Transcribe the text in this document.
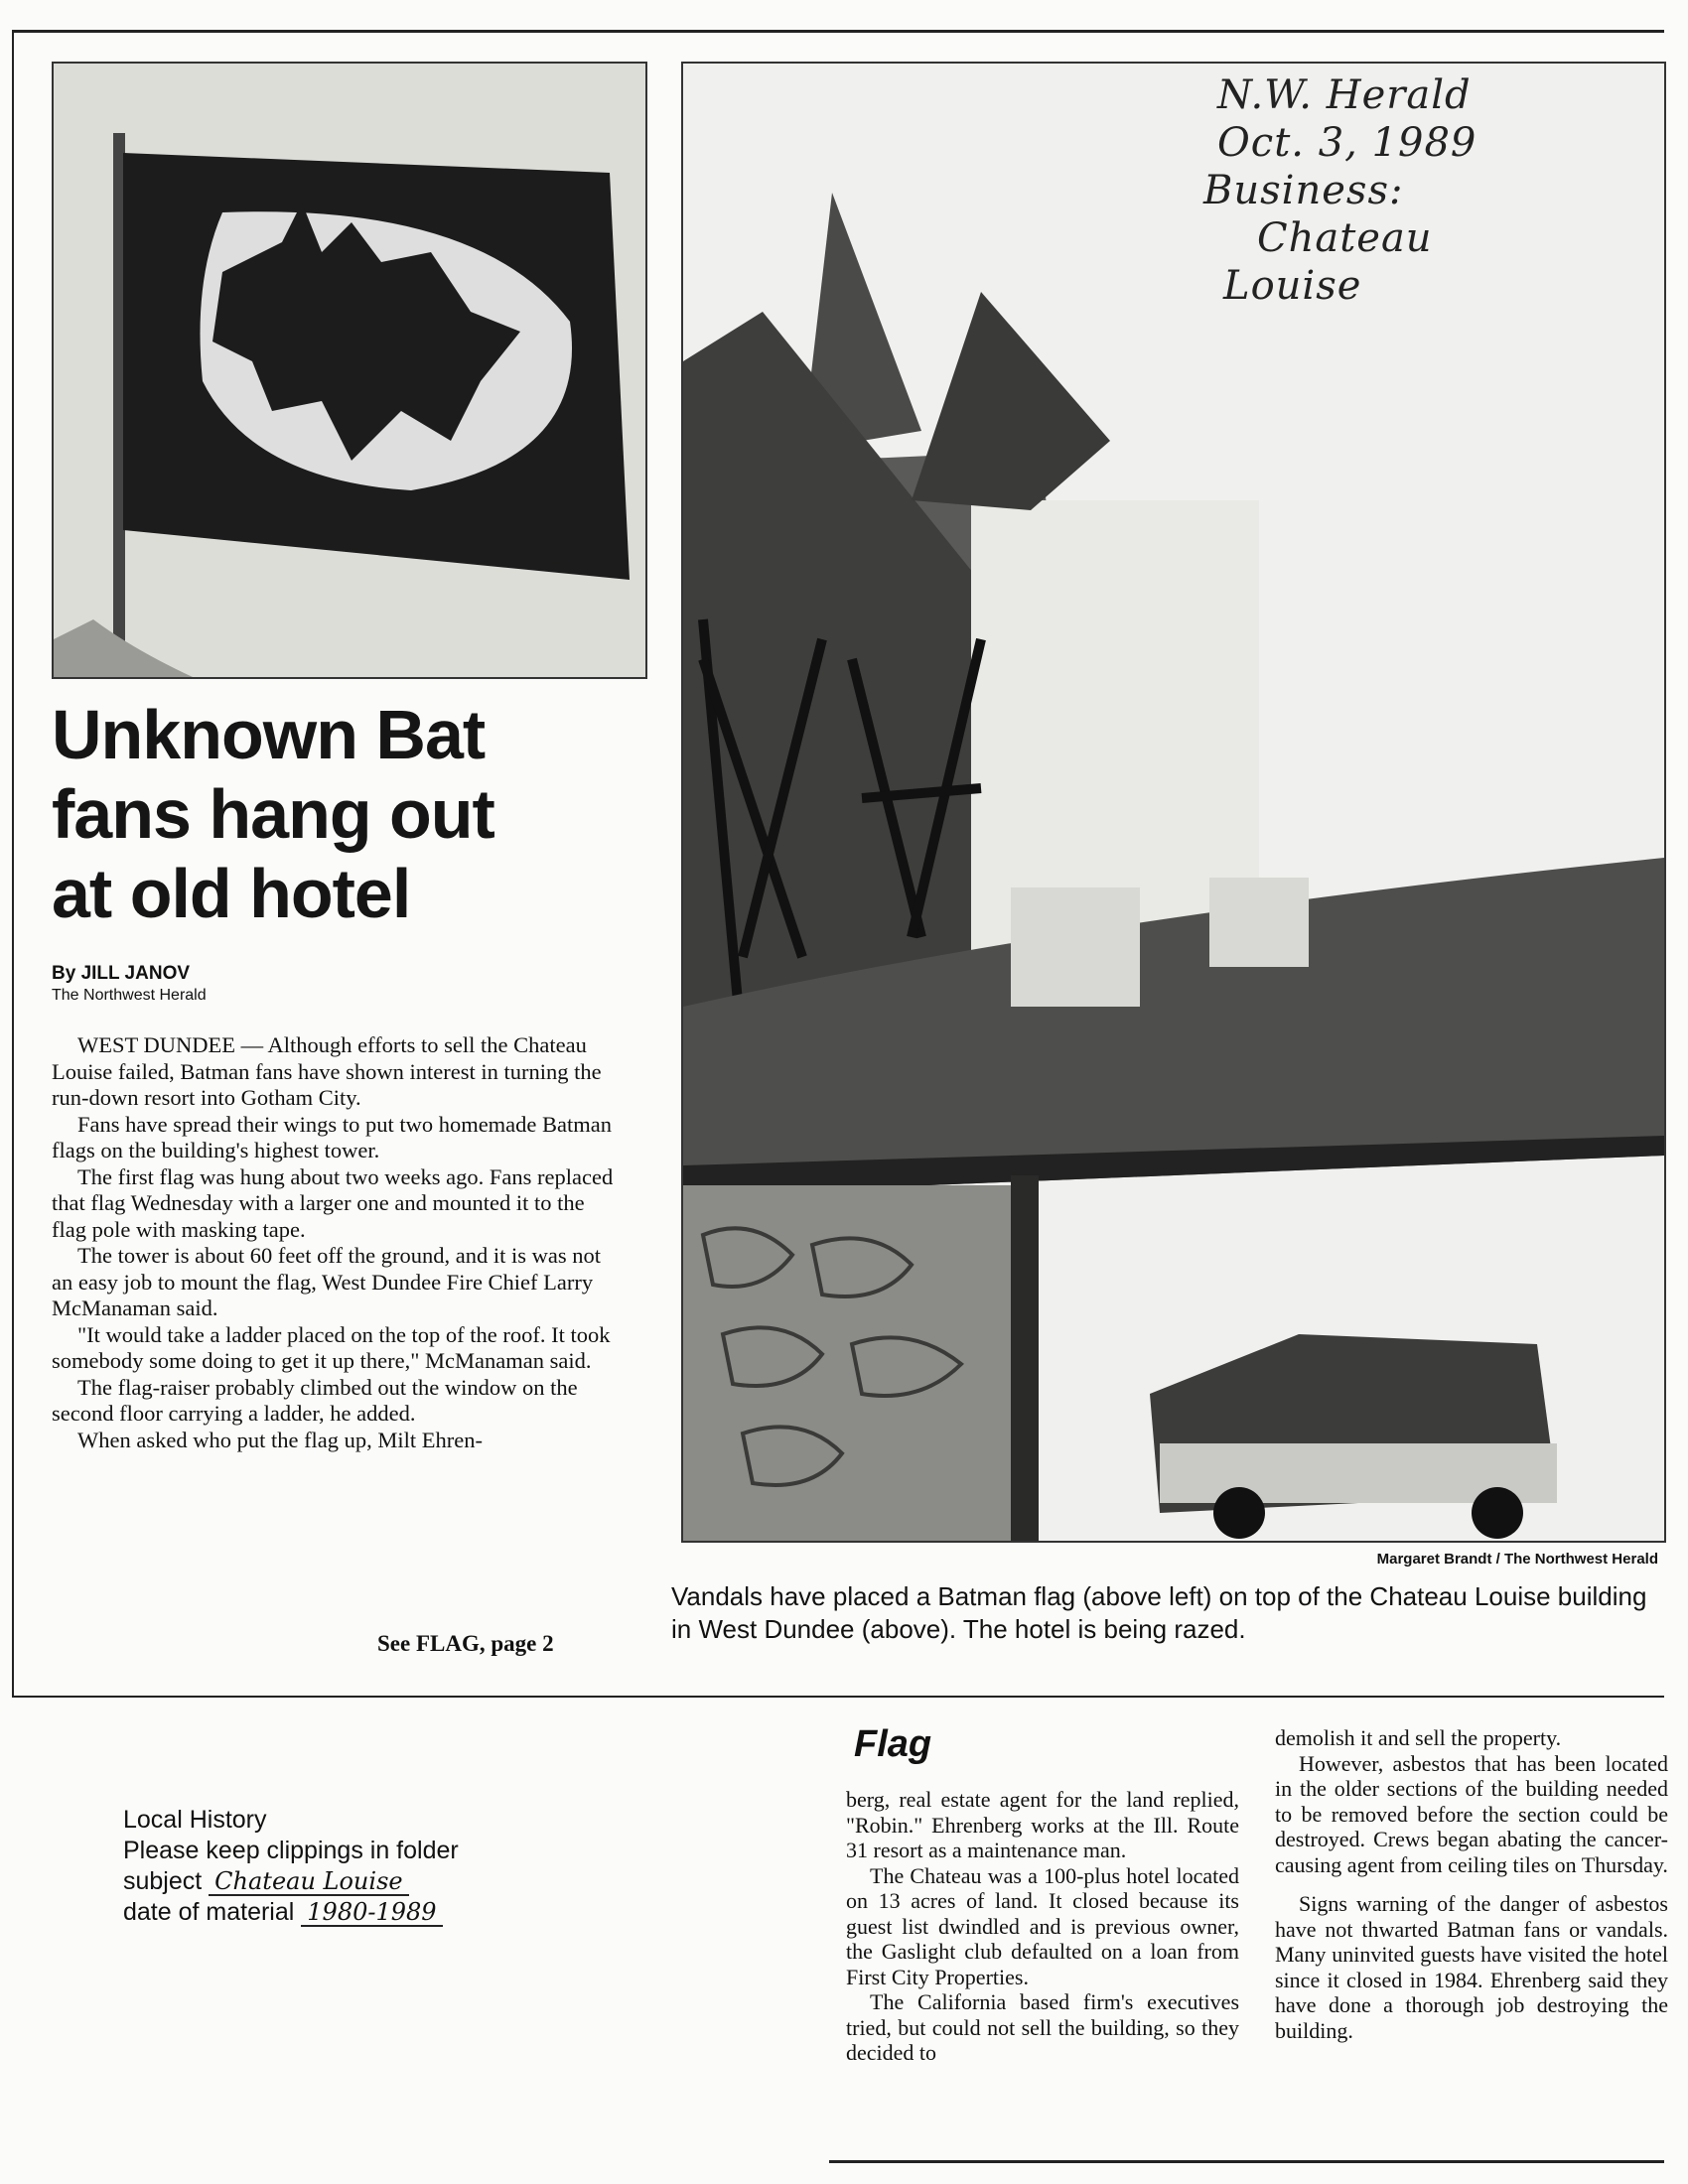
N.W. Herald
Oct. 3, 1989
Business:
Chateau
Louise
Unknown Bat
fans hang out
at old hotel
By JILL JANOV
The Northwest Herald

WEST DUNDEE — Although efforts to sell the Chateau Louise failed, Batman fans have shown interest in turning the run-down resort into Gotham City.

Fans have spread their wings to put two homemade Batman flags on the building's highest tower.

The first flag was hung about two weeks ago. Fans replaced that flag Wednesday with a larger one and mounted it to the flag pole with masking tape.

The tower is about 60 feet off the ground, and it is was not an easy job to mount the flag, West Dundee Fire Chief Larry McManaman said.

"It would take a ladder placed on the top of the roof. It took somebody some doing to get it up there," McManaman said.

The flag-raiser probably climbed out the window on the second floor carrying a ladder, he added.

When asked who put the flag up, Milt Ehren-

See FLAG, page 2
Margaret Brandt / The Northwest Herald
Vandals have placed a Batman flag (above left) on top of the Chateau Louise building in West Dundee (above). The hotel is being razed.
Flag

berg, real estate agent for the land replied, "Robin." Ehrenberg works at the Ill. Route 31 resort as a maintenance man.

The Chateau was a 100-plus hotel located on 13 acres of land. It closed because its guest list dwindled and is previous owner, the Gaslight club defaulted on a loan from First City Properties.

The California based firm's executives tried, but could not sell the building, so they decided to

demolish it and sell the property.

However, asbestos that has been located in the older sections of the building needed to be removed before the section could be destroyed. Crews began abating the cancer-causing agent from ceiling tiles on Thursday.

Signs warning of the danger of asbestos have not thwarted Batman fans or vandals. Many uninvited guests have visited the hotel since it closed in 1984. Ehrenberg said they have done a thorough job destroying the building.

Local History
Please keep clippings in folder
subject Chateau Louise
date of material 1980-1989
